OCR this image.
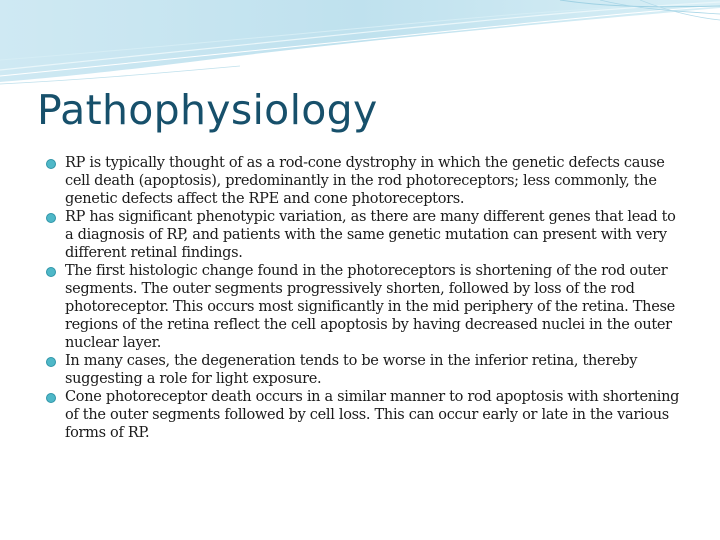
Pathophysiology
RP is typically thought of as a rod-cone dystrophy in which the genetic defects cause cell death (apoptosis), predominantly in the rod photoreceptors; less commonly, the genetic defects affect the RPE and cone photoreceptors.
RP has significant phenotypic variation, as there are many different genes that lead to a diagnosis of RP, and patients with the same genetic mutation can present with very different retinal findings.
The first histologic change found in the photoreceptors is shortening of the rod outer segments. The outer segments progressively shorten, followed by loss of the rod photoreceptor. This occurs most significantly in the mid periphery of the retina. These regions of the retina reflect the cell apoptosis by having decreased nuclei in the outer nuclear layer.
In many cases, the degeneration tends to be worse in the inferior retina, thereby suggesting a role for light exposure.
Cone photoreceptor death occurs in a similar manner to rod apoptosis with shortening of the outer segments followed by cell loss. This can occur early or late in the various forms of RP.
